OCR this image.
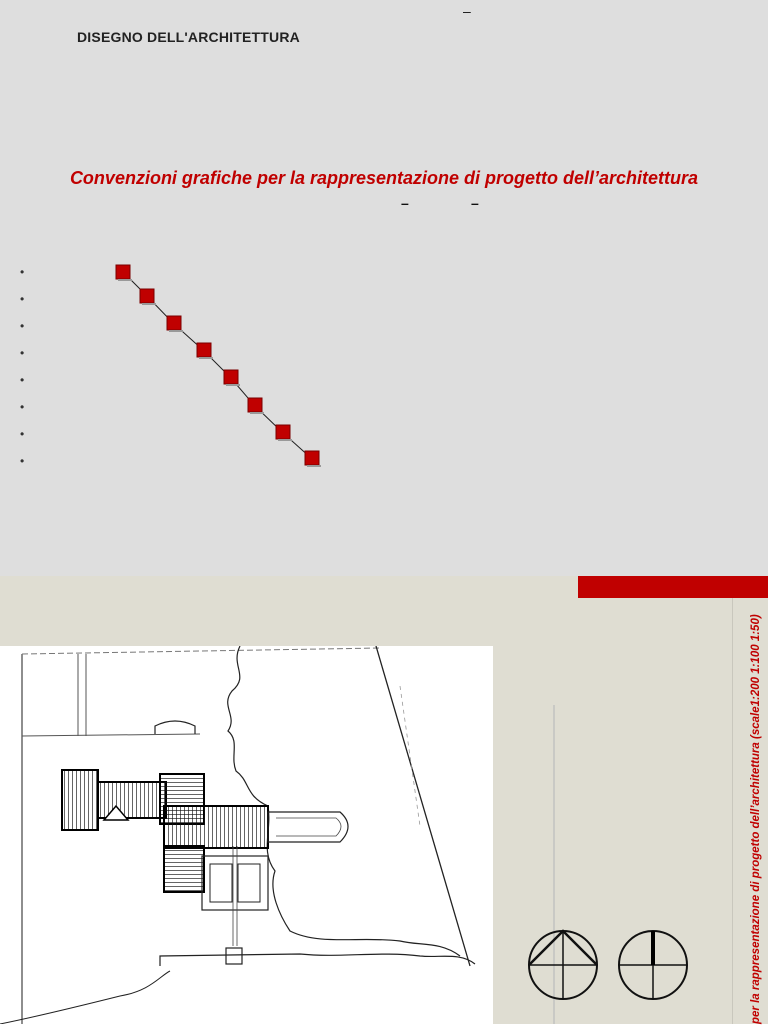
DISEGNO DELL'ARCHITETTURA
–
Convenzioni grafiche per la rappresentazione di progetto dell’architettura
–	–
•
•
•
•
•
•
•
•
per la rappresentazione di progetto dell’architettura (scale1:200 1:100 1:50)
